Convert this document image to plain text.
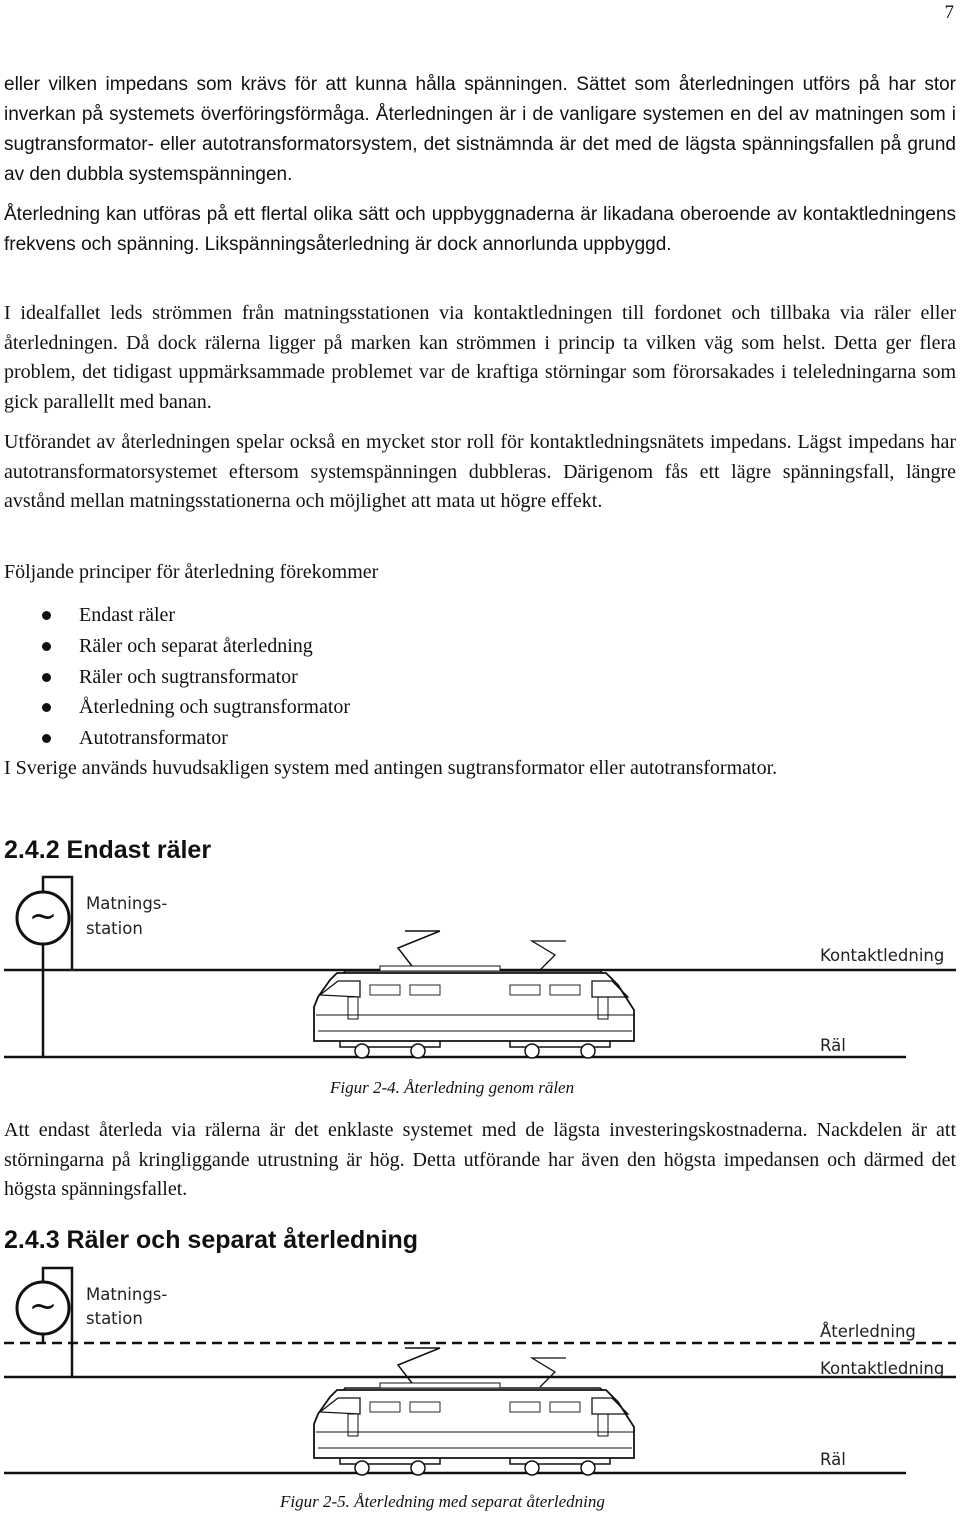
7

eller vilken impedans som krävs för att kunna hålla spänningen. Sättet som återledningen utförs på har stor inverkan på systemets överföringsförmåga. Återledningen är i de vanligare systemen en del av matningen som i sugtransformator- eller autotransformatorsystem, det sistnämnda är det med de lägsta spänningsfallen på grund av den dubbla systemspänningen.

Återledning kan utföras på ett flertal olika sätt och uppbyggnaderna är likadana oberoende av kontaktledningens frekvens och spänning. Likspänningsåterledning är dock annorlunda uppbyggd.

I idealfallet leds strömmen från matningsstationen via kontaktledningen till fordonet och tillbaka via räler eller återledningen. Då dock rälerna ligger på marken kan strömmen i princip ta vilken väg som helst. Detta ger flera problem, det tidigast uppmärksammade problemet var de kraftiga störningar som förorsakades i teleledningarna som gick parallellt med banan.

Utförandet av återledningen spelar också en mycket stor roll för kontaktledningsnätets impedans. Lägst impedans har autotransformatorsystemet eftersom systemspänningen dubbleras. Därigenom fås ett lägre spänningsfall, längre avstånd mellan matningsstationerna och möjlighet att mata ut högre effekt.

Följande principer för återledning förekommer

Endast räler
Räler och separat återledning
Räler och sugtransformator
Återledning och sugtransformator
Autotransformator

I Sverige används huvudsakligen system med antingen sugtransformator eller autotransformator.

2.4.2 Endast räler
~ Matnings-
station
Kontaktledning
Räl
Figur 2-4. Återledning genom rälen

Att endast återleda via rälerna är det enklaste systemet med de lägsta investeringskostnaderna. Nackdelen är att störningarna på kringliggande utrustning är hög. Detta utförande har även den högsta impedansen och därmed det högsta spänningsfallet.

2.4.3 Räler och separat återledning
~ Matnings-
station
Återledning
Kontaktledning
Räl
Figur 2-5. Återledning med separat återledning
